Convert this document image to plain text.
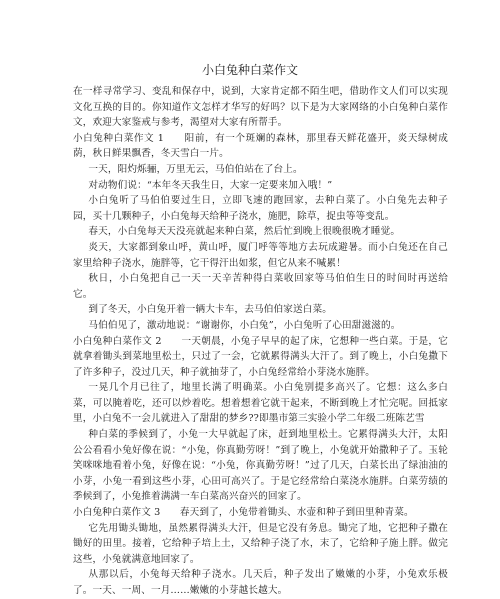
小白兔种白菜作文

在一样寻常学习、变乱和保存中，说到，大家肯定都不陌生吧，借助作文人们可以实现文化互换的目的。你知道作文怎样才华写的好吗？以下是为大家网络的小白兔种白菜作文，欢迎大家鉴戒与参考，渴望对大家有所帮手。

小白兔种白菜作文 1　　阳前，有一个斑斓的森林，那里春天鲜花盛开，炎天绿树成荫，秋日鲜果飘香，冬天雪白一片。

一天，阳灼烁骊，万里无云，马伯伯站在了台上。

对动物们说：“本年冬天我生日，大家一定要来加入哦！”

小白兔听了马伯伯要过生日，立即飞速的跑回家，去种白菜了。小白兔先去种子园，买十几颗种子，小白兔每天给种子浇水，施肥，除草，捉虫等等变乱。

春天，小白兔每天天没亮就起来种白菜，然后忙到晚上很晚很晚才睡觉。

炎天，大家都到象山呼，黄山呼，厦门呼等等地方去玩成避暑。而小白兔还在自己家里给种子浇水，施胖等，它干得汗出如浆，但它从来不喊累！

秋日，小白兔把自己一天一天辛苦种得白菜收回家等马伯伯生日的时间时再送给它。

到了冬天，小白兔开着一辆大卡车，去马伯伯家送白菜。

马伯伯见了，激动地说：“谢谢你，小白兔”，小白兔听了心田甜滋滋的。

小白兔种白菜作文 2　　一天朝晨，小兔子早早的起了床，它想种一些白菜。于是，它就拿着锄头到菜地里松土，只过了一会，它就累得满头大汗了。到了晚上，小白兔撒下了许多种子，没过几天，种子就抽芽了，小白兔经常给小芽浇水施胖。

一晃几个月已往了，地里长满了明确菜。小白兔别提多高兴了。它想：这么多白菜，可以腌着吃，还可以炒着吃。想着想着它就干起来，不断到晚上才忙完呢。回抵家里，小白兔不一会儿就进入了甜甜的梦乡??即墨市第三实验小学二年级二班陈艺雪

种白菜的季候到了，小兔一大早就起了床，赶到地里松土。它累得满头大汗，太阳公公看看小兔好像在说：“小兔，你真勤劳呀！”到了晚上，小兔就开始撒种子了。玉轮笑咪咪地看着小兔，好像在说：“小兔，你真勤劳呀！”过了几天，白菜长出了绿油油的小芽，小兔一看到这些小芽，心田可高兴了。于是它经常给白菜浇水施胖。白菜劳绩的季候到了，小兔推着满满一车白菜高兴奋兴的回家了。

小白兔种白菜作文 3　　春天到了，小兔带着锄头、水壶和种子到田里种青菜。

它先用锄头锄地，虽然累得满头大汗，但是它没有务息。锄完了地，它把种子撒在锄好的田里。接着，它给种子培上土，又给种子浇了水，末了，它给种子施上胖。做完这些，小兔就满意地回家了。

从那以后，小兔每天给种子浇水。几天后，种子发出了嫩嫩的小芽，小兔欢乐极了。一天、一周、一月……嫩嫩的小芽越长越大。
